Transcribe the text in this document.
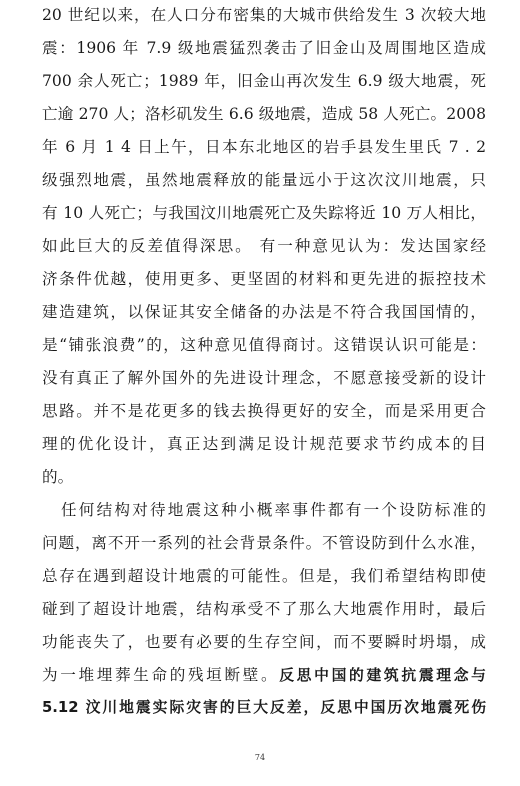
20 世纪以来，在人口分布密集的大城市供给发生 3 次较大地
震：1906 年 7.9 级地震猛烈袭击了旧金山及周围地区造成
700 余人死亡；1989 年，旧金山再次发生 6.9 级大地震，死
亡逾 270 人；洛杉矶发生 6.6 级地震，造成 58 人死亡。2008
年 6 月 1 4 日上午，日本东北地区的岩手县发生里氏 7 . 2
级强烈地震，虽然地震释放的能量远小于这次汶川地震，只
有 10 人死亡；与我国汶川地震死亡及失踪将近 10 万人相比，
如此巨大的反差值得深思。 有一种意见认为：发达国家经
济条件优越，使用更多、更坚固的材料和更先进的振控技术
建造建筑，以保证其安全储备的办法是不符合我国国情的，
是“铺张浪费”的，这种意见值得商讨。这错误认识可能是：
没有真正了解外国外的先进设计理念，不愿意接受新的设计
思路。并不是花更多的钱去换得更好的安全，而是采用更合
理的优化设计，真正达到满足设计规范要求节约成本的目
的。
任何结构对待地震这种小概率事件都有一个设防标准的
问题，离不开一系列的社会背景条件。不管设防到什么水准，
总存在遇到超设计地震的可能性。但是，我们希望结构即使
碰到了超设计地震，结构承受不了那么大地震作用时，最后
功能丧失了，也要有必要的生存空间，而不要瞬时坍塌，成
为一堆埋葬生命的残垣断壁。反思中国的建筑抗震理念与
5.12 汶川地震实际灾害的巨大反差，反思中国历次地震死伤
74
